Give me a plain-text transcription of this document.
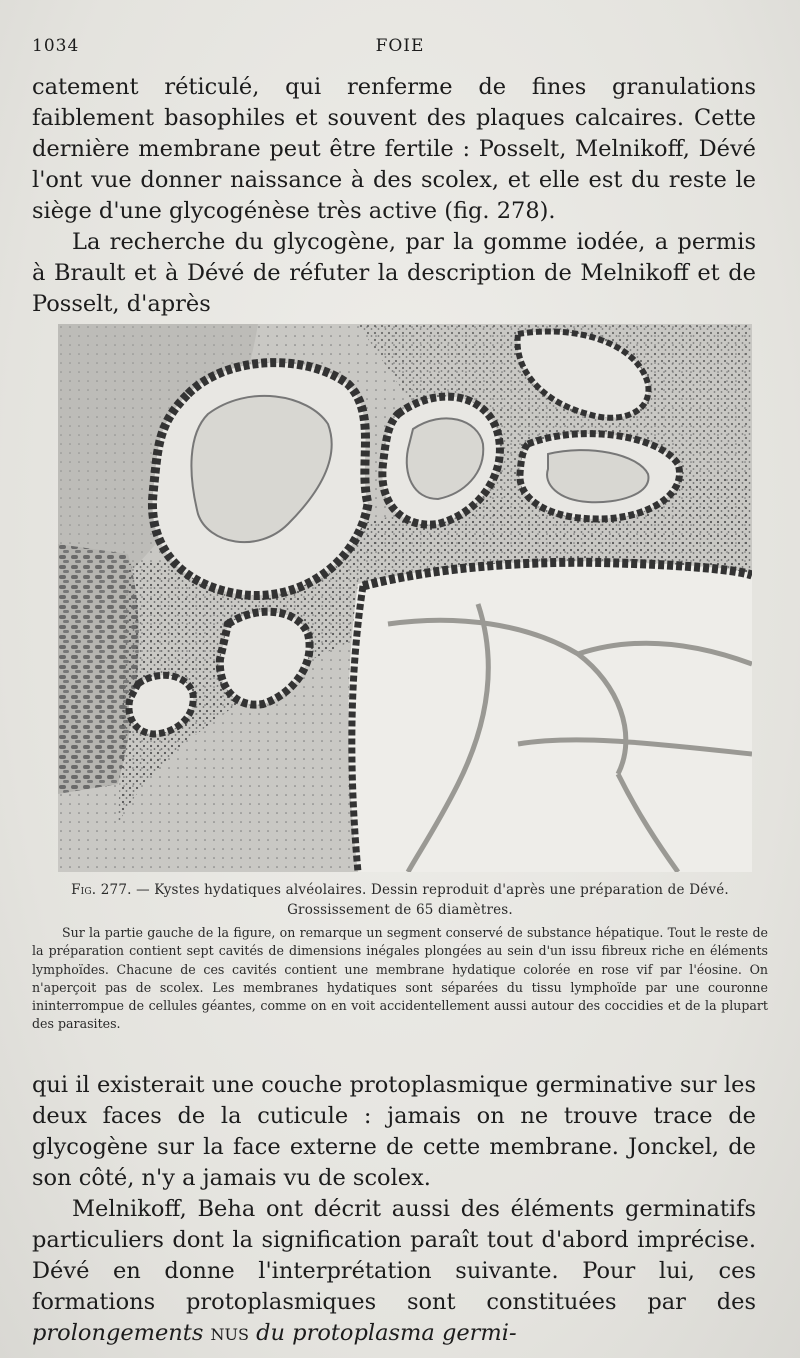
1034	FOIE

catement réticulé, qui renferme de fines granulations faiblement basophiles et souvent des plaques calcaires. Cette dernière membrane peut être fertile : Posselt, Melnikoff, Dévé l'ont vue donner naissance à des scolex, et elle est du reste le siège d'une glycogénèse très active (fig. 278).

La recherche du glycogène, par la gomme iodée, a permis à Brault et à Dévé de réfuter la description de Melnikoff et de Posselt, d'après

Fig. 277. — Kystes hydatiques alvéolaires. Dessin reproduit d'après une préparation de Dévé. Grossissement de 65 diamètres.

Sur la partie gauche de la figure, on remarque un segment conservé de substance hépatique. Tout le reste de la préparation contient sept cavités de dimensions inégales plongées au sein d'un issu fibreux riche en éléments lymphoïdes. Chacune de ces cavités contient une membrane hydatique colorée en rose vif par l'éosine. On n'aperçoit pas de scolex. Les membranes hydatiques sont séparées du tissu lymphoïde par une couronne ininterrompue de cellules géantes, comme on en voit accidentellement aussi autour des coccidies et de la plupart des parasites.

qui il existerait une couche protoplasmique germinative sur les deux faces de la cuticule : jamais on ne trouve trace de glycogène sur la face externe de cette membrane. Jonckel, de son côté, n'y a jamais vu de scolex.

Melnikoff, Beha ont décrit aussi des éléments germinatifs particuliers dont la signification paraît tout d'abord imprécise. Dévé en donne l'interprétation suivante. Pour lui, ces formations protoplasmiques sont constituées par des prolongements nus du protoplasma germi-
